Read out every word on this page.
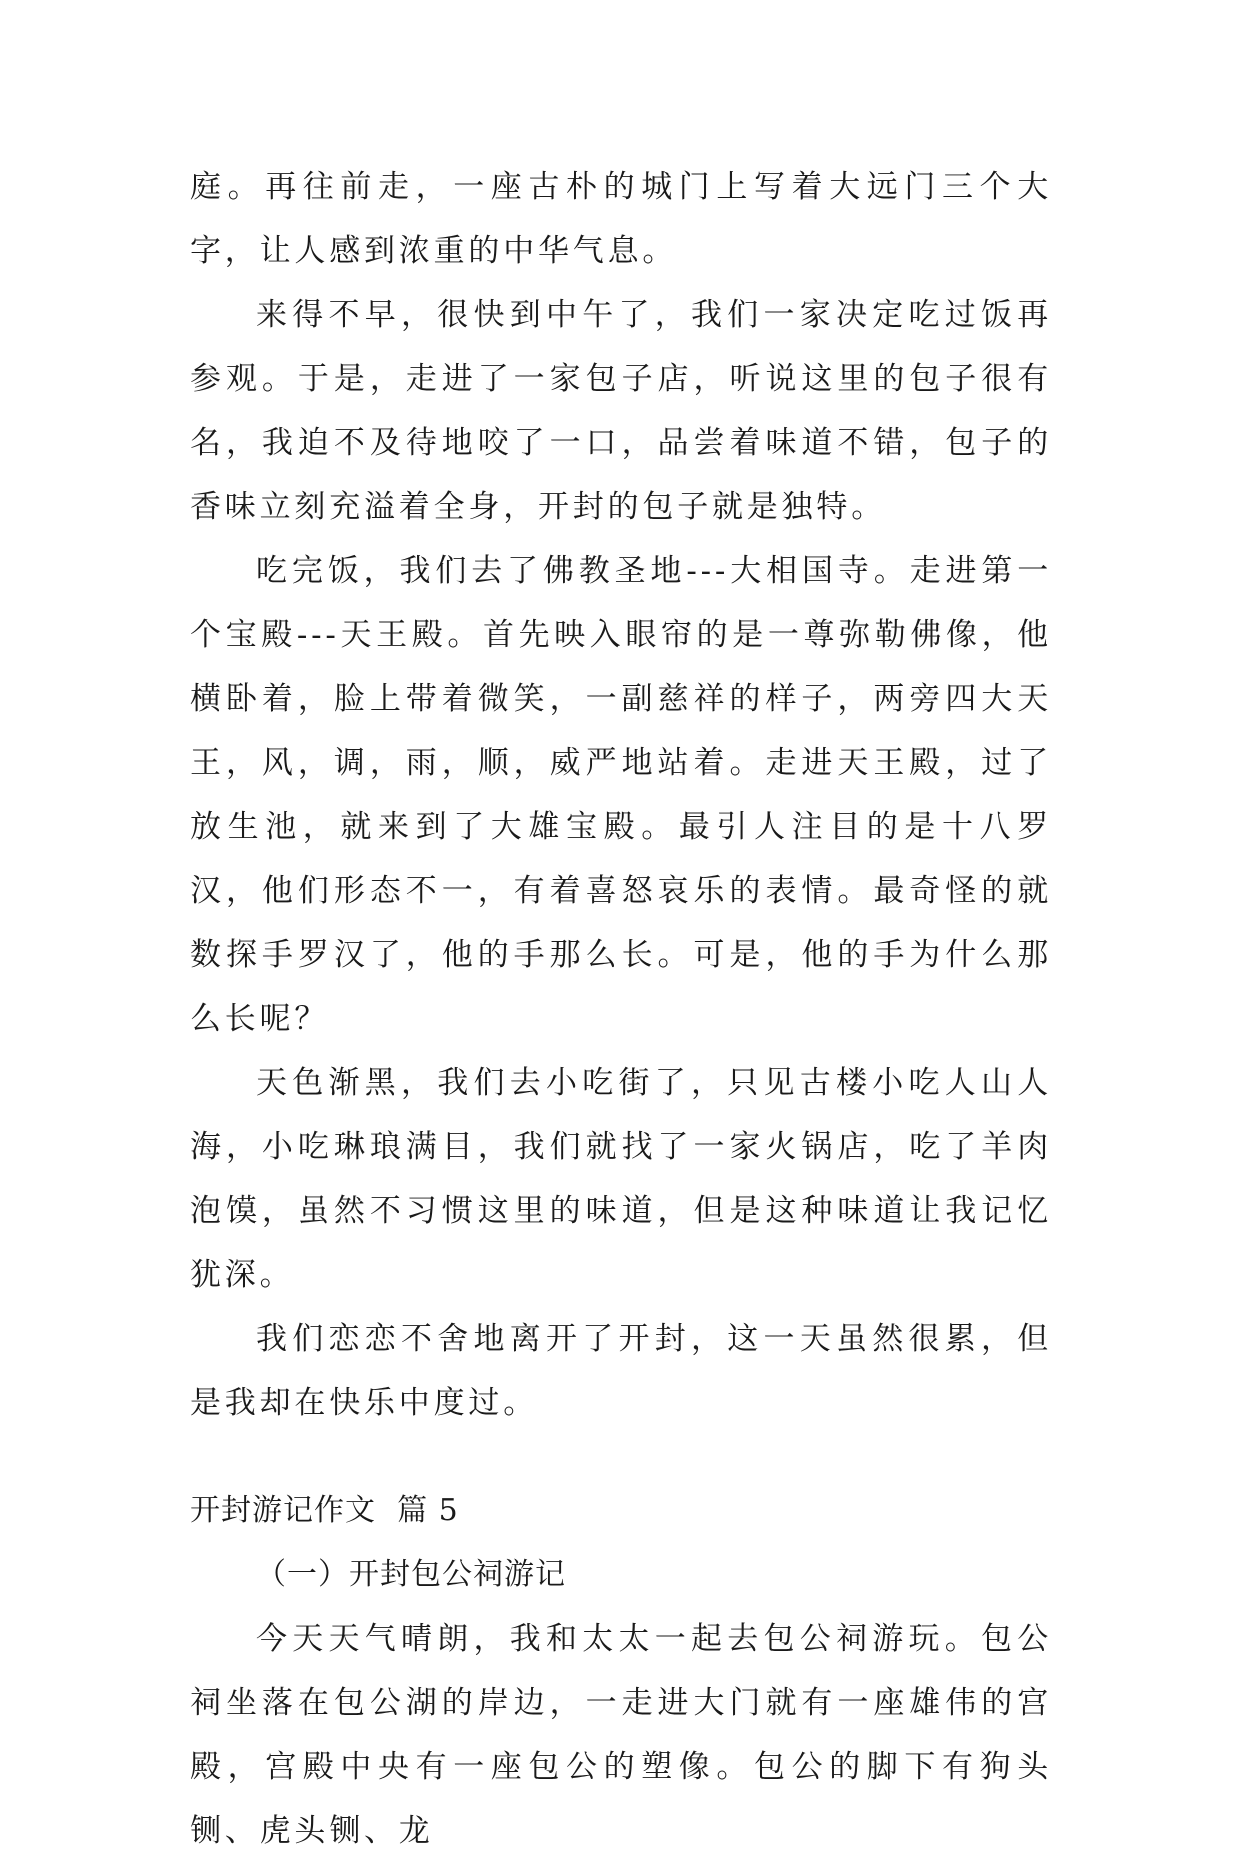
庭。再往前走，一座古朴的城门上写着大远门三个大字，让人感到浓重的中华气息。

来得不早，很快到中午了，我们一家决定吃过饭再参观。于是，走进了一家包子店，听说这里的包子很有名，我迫不及待地咬了一口，品尝着味道不错，包子的香味立刻充溢着全身，开封的包子就是独特。

吃完饭，我们去了佛教圣地---大相国寺。走进第一个宝殿---天王殿。首先映入眼帘的是一尊弥勒佛像，他横卧着，脸上带着微笑，一副慈祥的样子，两旁四大天王，风，调，雨，顺，威严地站着。走进天王殿，过了放生池，就来到了大雄宝殿。最引人注目的是十八罗汉，他们形态不一，有着喜怒哀乐的表情。最奇怪的就数探手罗汉了，他的手那么长。可是，他的手为什么那么长呢？

天色渐黑，我们去小吃街了，只见古楼小吃人山人海，小吃琳琅满目，我们就找了一家火锅店，吃了羊肉泡馍，虽然不习惯这里的味道，但是这种味道让我记忆犹深。

我们恋恋不舍地离开了开封，这一天虽然很累，但是我却在快乐中度过。

开封游记作文  篇 5

（一）开封包公祠游记

今天天气晴朗，我和太太一起去包公祠游玩。包公祠坐落在包公湖的岸边，一走进大门就有一座雄伟的宫殿，宫殿中央有一座包公的塑像。包公的脚下有狗头铡、虎头铡、龙
